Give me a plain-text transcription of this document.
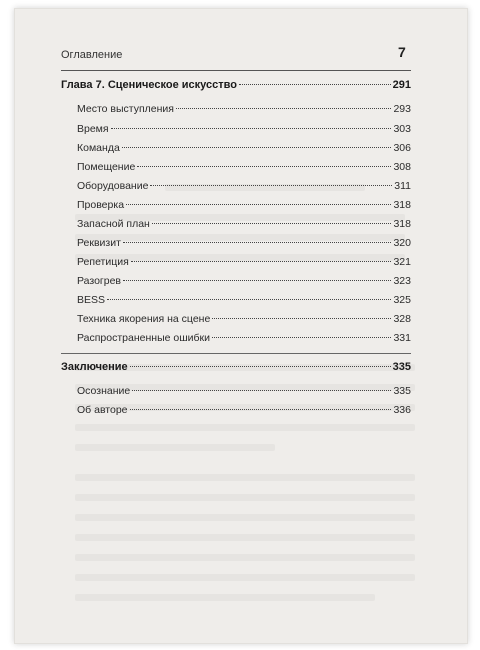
Оглавление	7
Глава 7. Сценическое искусство	291
Место выступления	293
Время	303
Команда	306
Помещение	308
Оборудование	311
Проверка	318
Запасной план	318
Реквизит	320
Репетиция	321
Разогрев	323
BESS	325
Техника якорения на сцене	328
Распространенные ошибки	331
Заключение	335
Осознание	335
Об авторе	336
